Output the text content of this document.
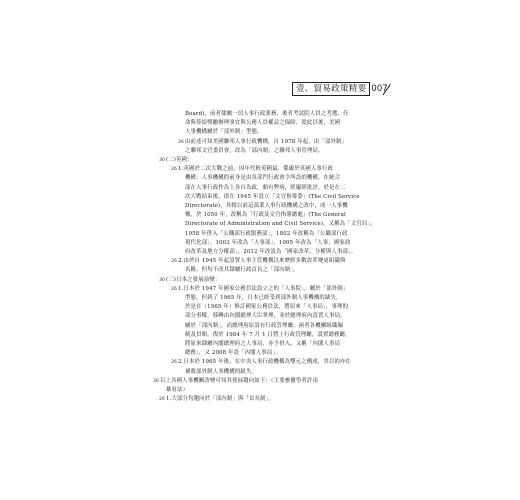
壹、貿易政策精要 007
Board)，前者隸屬一切人事行政業務，後者考試院人員之考選、任
命與俸給獎勵辦理事宜與公務人員權益之保障，從此以後，美國
人事機構屬於「部外制」型態。
26 由前述可知美國聯邦人事行政機構，自 1978 年起，由「部外制」
之聯邦文官委員會，改為「部內制」之聯邦人事管理局。
30 (二)英國：
26 1.英國於二次大戰之前，因年代較英國最，係確於英國人事行政
機構：人事機構的前身是由各部門行政會令所設的機構，在統合
部在人事行政作為上各自為政，頗有弊病，經屢經批評，於是在二
次大戰結束後，即在 1945 年設立「文官指導委」(The Civil Service
Directorate)，其轄以前這部業人事行政機構之改中，成一人事機
構，於 1050 年，改稱為「行政及文官指導總處」(The General
Directorate of Administration and Civil Service)，又稱為「文官局」。
1958 年併入「公職部行政服務部」，1802 年改稱為「公職部行政
現代化部」，1003 年改為「人事部」，1005 年改為「人事、國家政
府改革及地方分權部」，2012 年改設為「國家改革、分權與人事部」。
26 2.由於自 1945 年起設置人事主管機構以來歷經多數改革變更組織與
名稱，但均不改其隸屬行政首長之「部內制」。
30 (三)日本之發展演變：
26 1.日本於 1947 年國家公務員法設立之的「人事院」，屬於「部外制」
型態，但到了 1965 年，日本已經受到部外制人事機構的缺失，
於是在（1965 年）修訂國家公務員法，將原來「人事局」，事理的
部分事權，移轉由內閣總理大臣掌理，並於總理府內設置人事局，
屬於「部內制」，而總理府原設有行政管理廳，兩者各機關組織編
制及員額，復於 1984 年 7 月 1 日將上行政管理廳，設置總務廳，
將原來隸屬內閣總理府之人事局，亦予併入，又稱「內閣人事局
總務」，又 2008 年設「內閣人事局」。
26 2.日本於 1965 年後，在中央人事行政機構為雙元之構成，其目的亦在
補救部外制人事機構的缺失。
30 以上各國人事機關改變可知其發展趨向如下：（主要參據學者許南
雄看法）
26 1.大部分均趨向於「部內制」與「首長制」。
